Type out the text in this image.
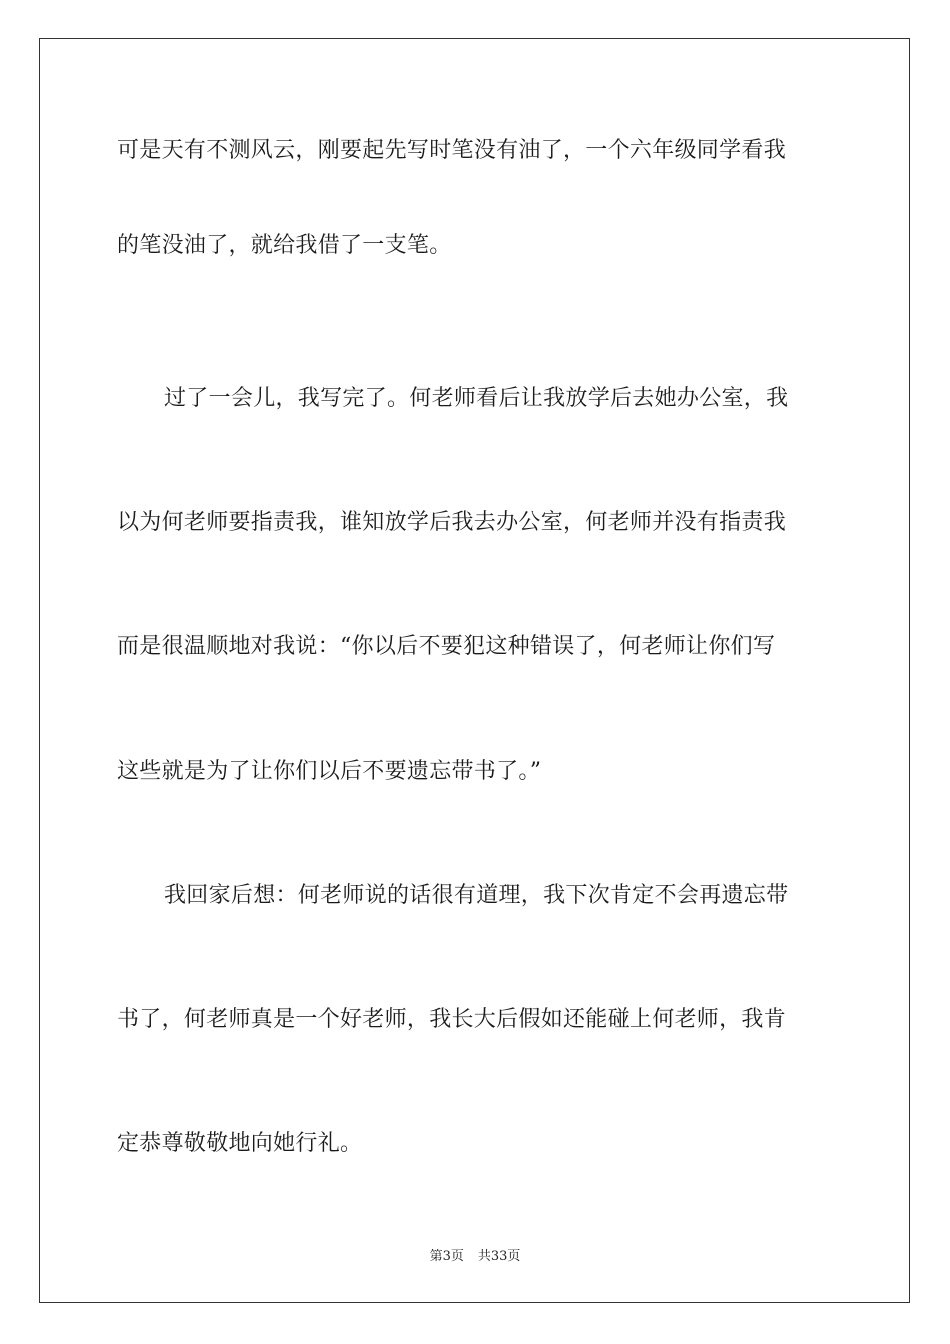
可是天有不测风云，刚要起先写时笔没有油了，一个六年级同学看我
的笔没油了，就给我借了一支笔。
过了一会儿，我写完了。何老师看后让我放学后去她办公室，我
以为何老师要指责我，谁知放学后我去办公室，何老师并没有指责我
而是很温顺地对我说：“你以后不要犯这种错误了，何老师让你们写
这些就是为了让你们以后不要遗忘带书了。”
我回家后想：何老师说的话很有道理，我下次肯定不会再遗忘带
书了，何老师真是一个好老师，我长大后假如还能碰上何老师，我肯
定恭尊敬敬地向她行礼。
第3页 共33页
